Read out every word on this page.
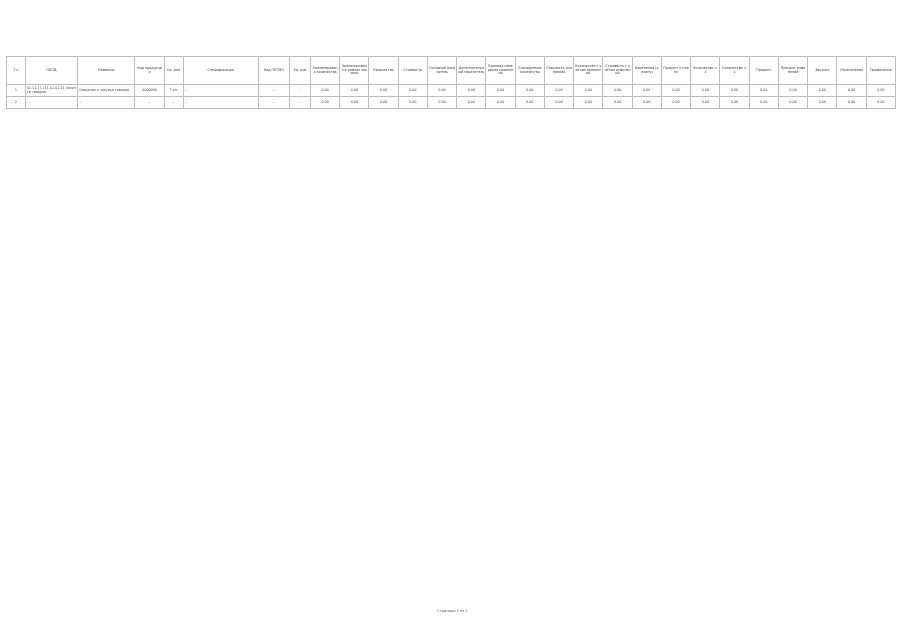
Т.п	ОКПД	Название	Код продукции	Ед. изм	Спецификация	Код ОКТМО	Ед. изм	Запланировано количества	Запланировано в рамках закупки	Количество	Стоимость	Основной показатель	Дополнительный показатель	Единица измерения сравнения	Планируемое количество	Стоимость измерения	Количество с учетом изменений	Стоимость с учетом изменений	Изменения (к плану)	Процент к плану	Количество ч.1	Количество ч.2	Процент	Процент изменений	Закупка	Ограничения	Примечание
1	01.11.11.111 01.01.01 Закупки товаров	Сведения о закупке товаров	0000000	Т.шт	...	...	-	0.00	0.00	0.00	0.00	0.00	0.00	0.00	0.00	0.00	0.00	0.00	0.00	0.00	0.00	0.00	0.00	0.00	0.00	0.00	0.00
2	...	...	...	...	...	...	...	0.00	0.00	0.00	0.00	0.00	0.00	0.00	0.00	0.00	0.00	0.00	0.00	0.00	0.00	0.00	0.00	0.00	0.00	0.00	0.00
Страница 1 из 1
